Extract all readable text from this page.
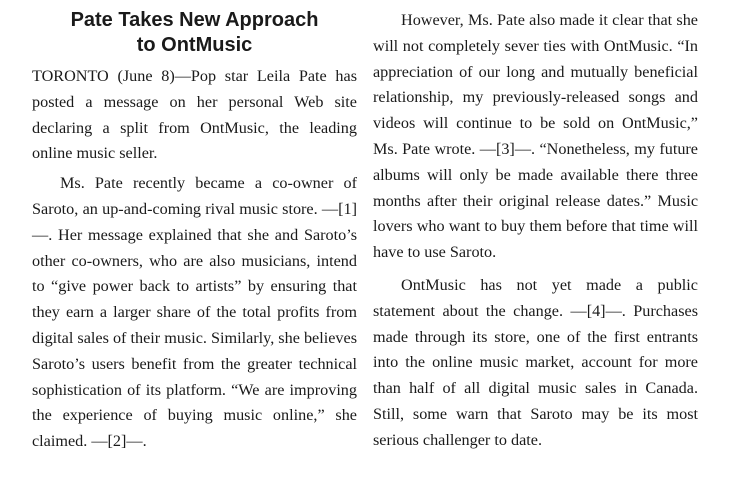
Pate Takes New Approach
to OntMusic

TORONTO (June 8)—Pop star Leila Pate has posted a message on her personal Web site declaring a split from OntMusic, the leading online music seller.

Ms. Pate recently became a co-owner of Saroto, an up-and-coming rival music store. —[1]—. Her message explained that she and Saroto’s other co-owners, who are also musicians, intend to “give power back to artists” by ensuring that they earn a larger share of the total profits from digital sales of their music. Similarly, she believes Saroto’s users benefit from the greater technical sophistication of its platform. “We are improving the experience of buying music online,” she claimed. —[2]—.

However, Ms. Pate also made it clear that she will not completely sever ties with OntMusic. “In appreciation of our long and mutually beneficial relationship, my previously-released songs and videos will continue to be sold on OntMusic,” Ms. Pate wrote. —[3]—. “Nonetheless, my future albums will only be made available there three months after their original release dates.” Music lovers who want to buy them before that time will have to use Saroto.

OntMusic has not yet made a public statement about the change. —[4]—. Purchases made through its store, one of the first entrants into the online music market, account for more than half of all digital music sales in Canada. Still, some warn that Saroto may be its most serious challenger to date.
